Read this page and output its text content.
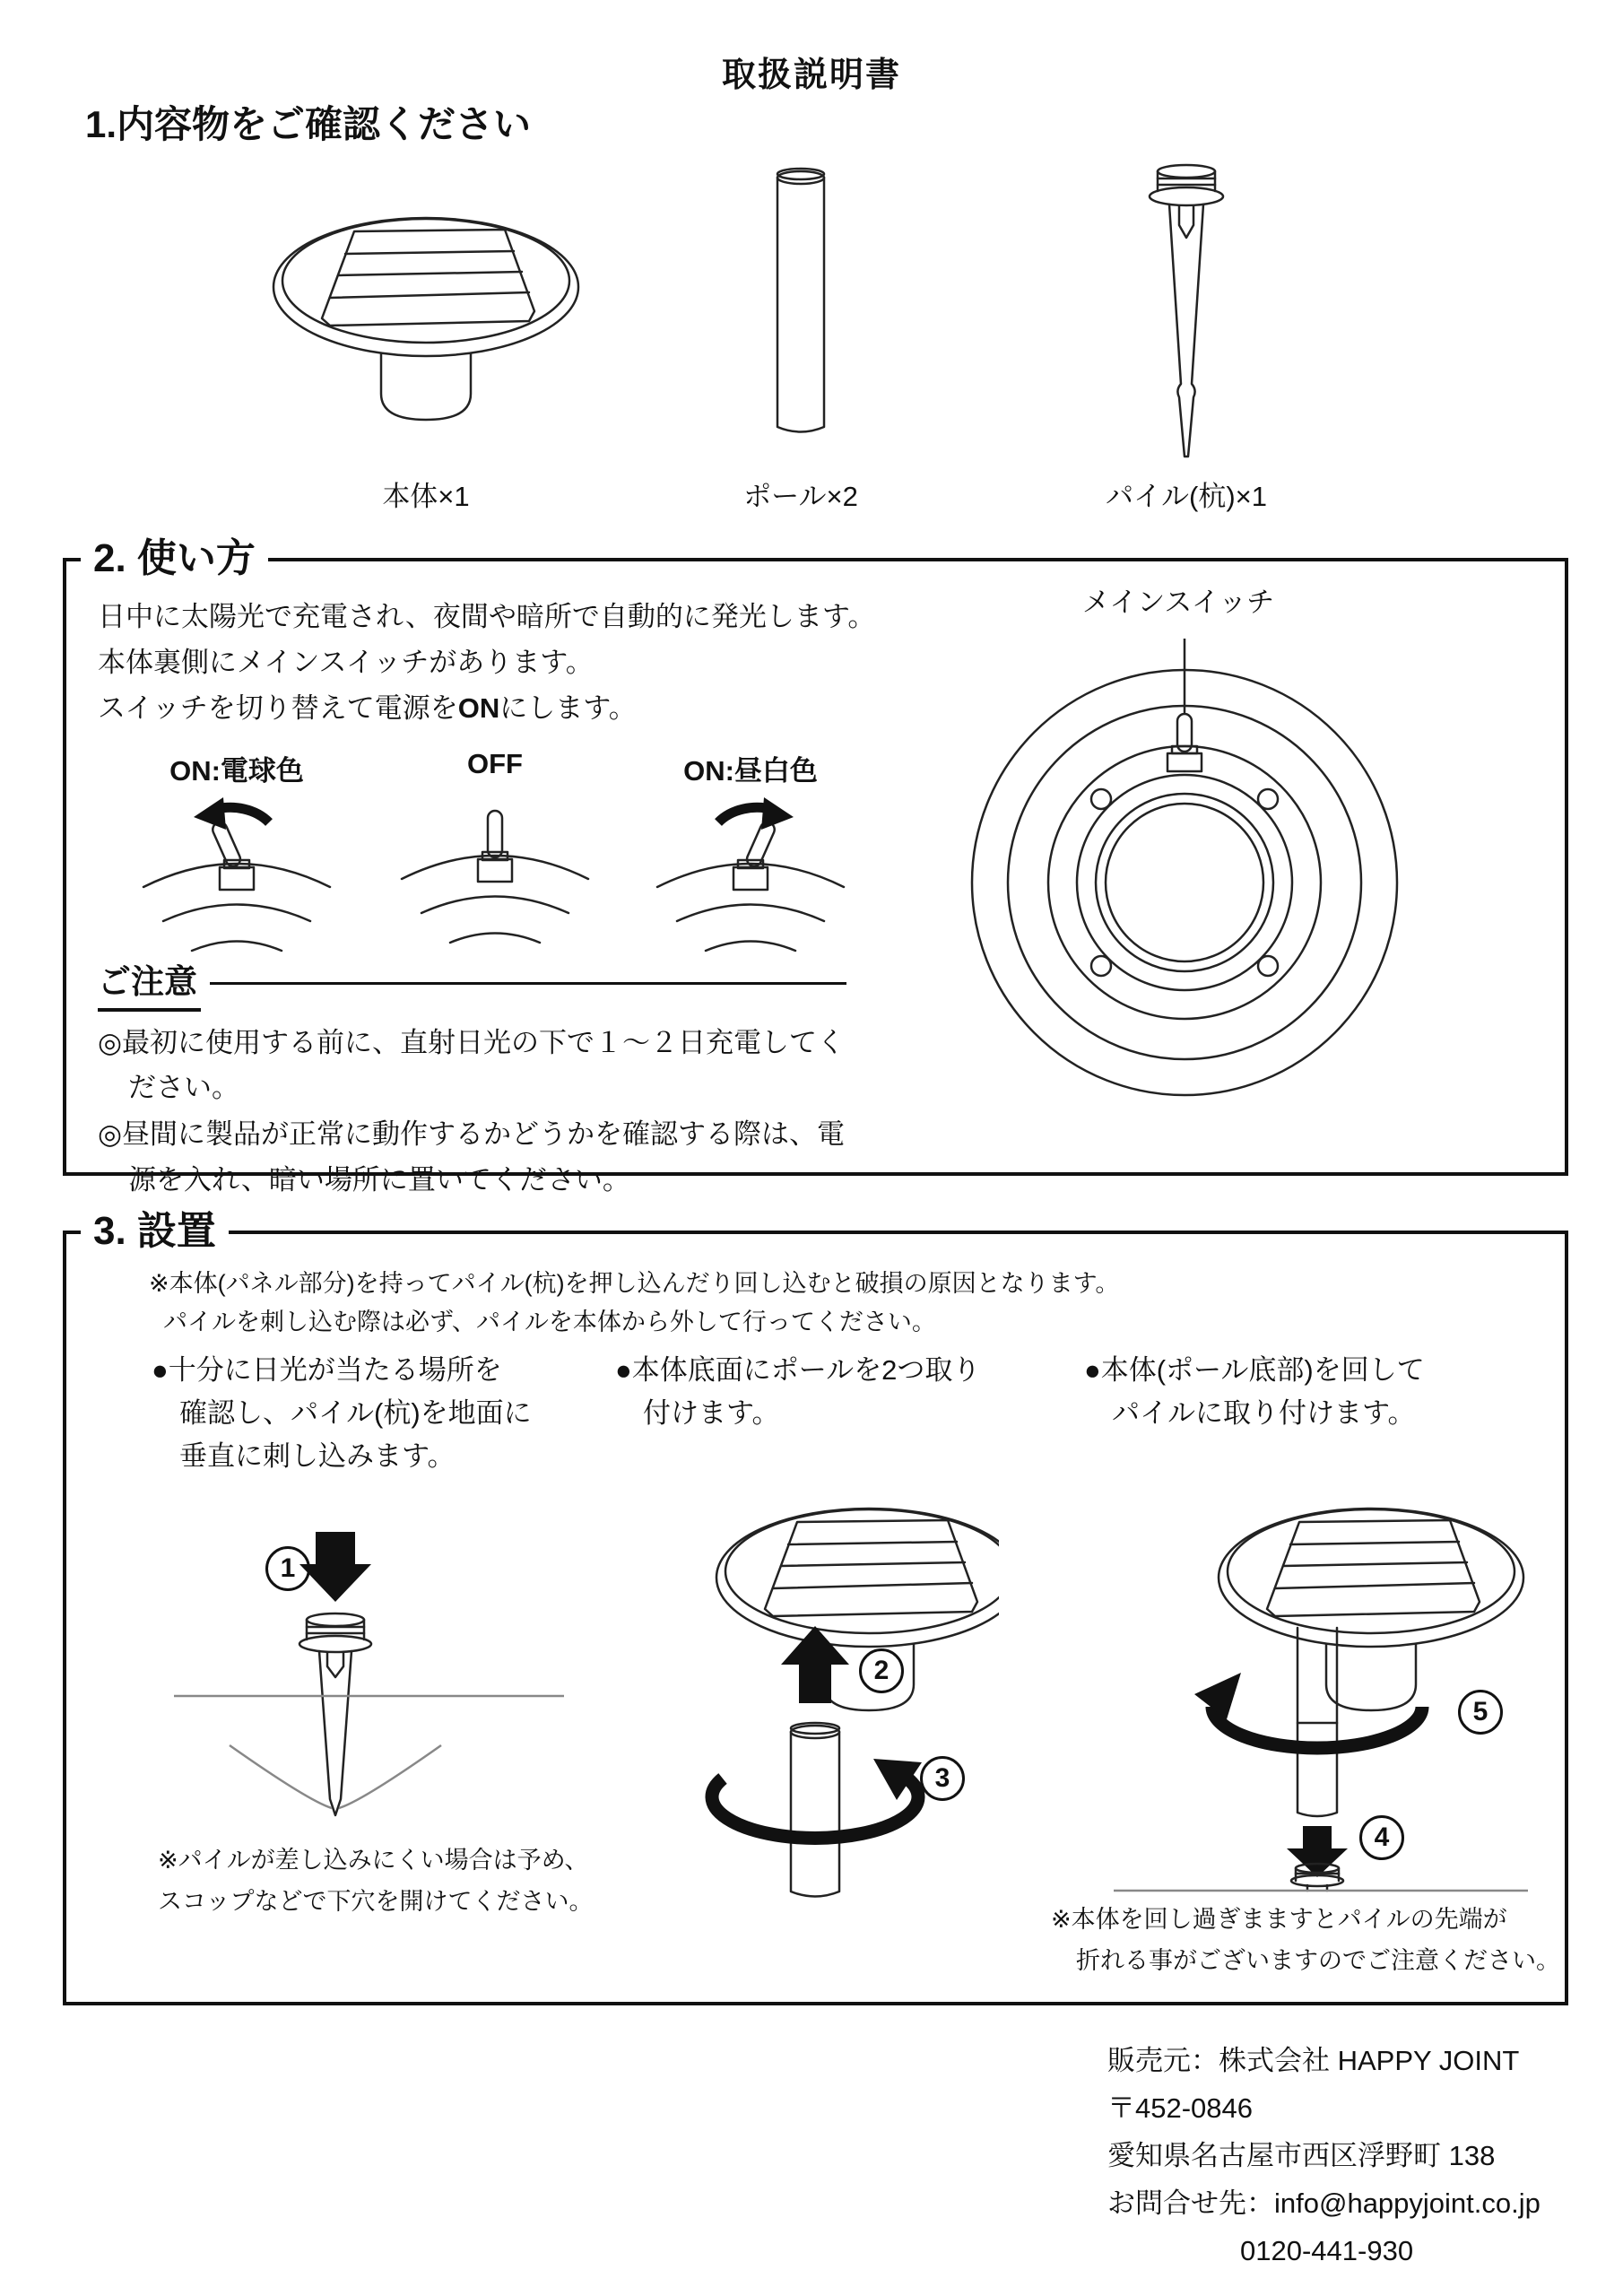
取扱説明書
1.内容物をご確認ください
本体×1	ポール×2	パイル(杭)×1
2. 使い方
日中に太陽光で充電され、夜間や暗所で自動的に発光します。
本体裏側にメインスイッチがあります。
スイッチを切り替えて電源をONにします。
ON:電球色	OFF	ON:昼白色
ご注意
◎最初に使用する前に、直射日光の下で１〜２日充電してください。
◎昼間に製品が正常に動作するかどうかを確認する際は、電源を入れ、暗い場所に置いてください。
メインスイッチ
3. 設置
※本体(パネル部分)を持ってパイル(杭)を押し込んだり回し込むと破損の原因となります。
パイルを刺し込む際は必ず、パイルを本体から外して行ってください。
●十分に日光が当たる場所を
確認し、パイル(杭)を地面に
垂直に刺し込みます。
●本体底面にポールを2つ取り
付けます。
●本体(ポール底部)を回して
パイルに取り付けます。
1
※パイルが差し込みにくい場合は予め、
スコップなどで下穴を開けてください。
2
3
5
4
※本体を回し過ぎまますとパイルの先端が
折れる事がございますのでご注意ください。
販売元：株式会社 HAPPY JOINT
〒452-0846
愛知県名古屋市西区浮野町 138
お問合せ先：info@happyjoint.co.jp
0120-441-930
